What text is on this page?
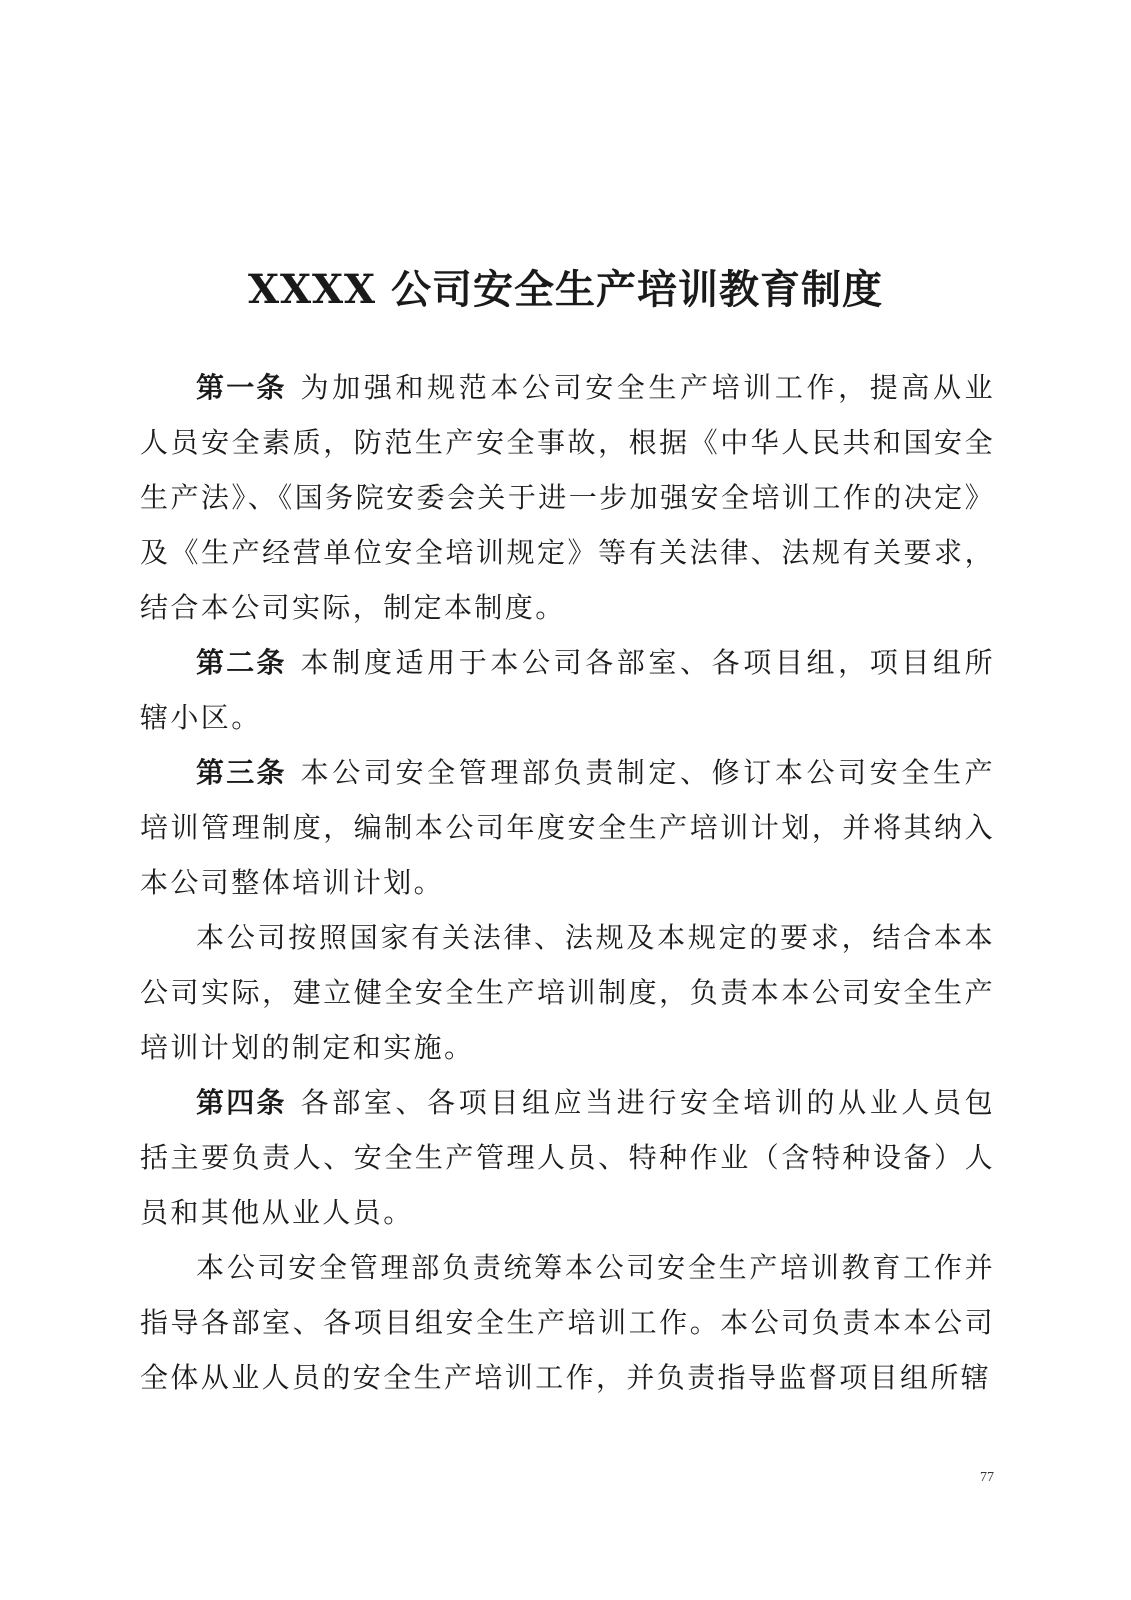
XXXX 公司安全生产培训教育制度

第一条 为加强和规范本公司安全生产培训工作，提高从业人员安全素质，防范生产安全事故，根据《中华人民共和国安全生产法》、《国务院安委会关于进一步加强安全培训工作的决定》及《生产经营单位安全培训规定》等有关法律、法规有关要求，结合本公司实际，制定本制度。

第二条 本制度适用于本公司各部室、各项目组，项目组所辖小区。

第三条 本公司安全管理部负责制定、修订本公司安全生产培训管理制度，编制本公司年度安全生产培训计划，并将其纳入本公司整体培训计划。

本公司按照国家有关法律、法规及本规定的要求，结合本本公司实际，建立健全安全生产培训制度，负责本本公司安全生产培训计划的制定和实施。

第四条 各部室、各项目组应当进行安全培训的从业人员包括主要负责人、安全生产管理人员、特种作业（含特种设备）人员和其他从业人员。

本公司安全管理部负责统筹本公司安全生产培训教育工作并指导各部室、各项目组安全生产培训工作。本公司负责本本公司全体从业人员的安全生产培训工作，并负责指导监督项目组所辖

77
